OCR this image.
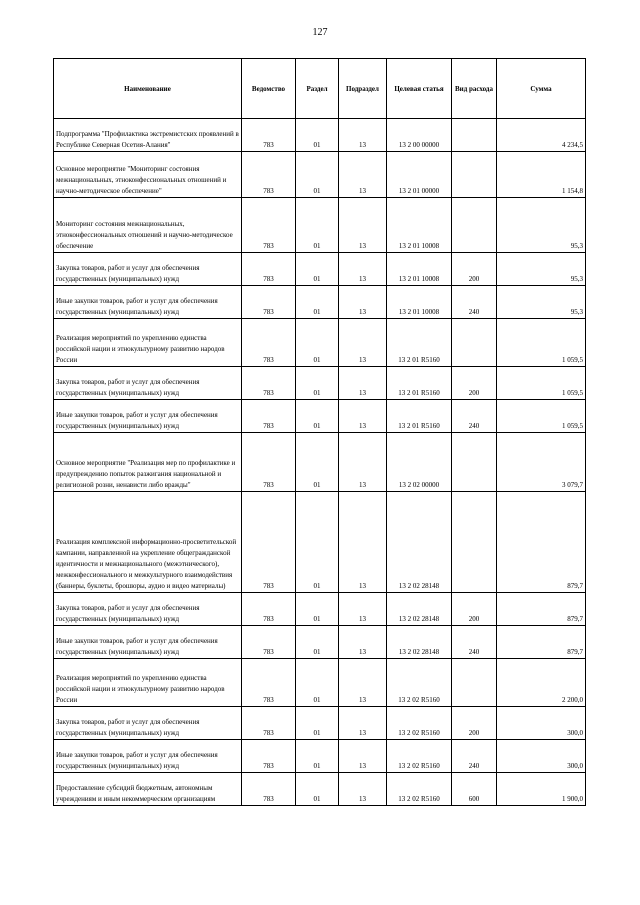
127
Наименование	Ведомство	Раздел	Подраздел	Целевая статья	Вид расхода	Сумма
Подпрограмма "Профилактика экстремистских проявлений в Республике Северная Осетия-Алания"	783	01	13	13 2 00 00000		4 234,5
Основное мероприятие "Мониторинг состояния межнациональных, этноконфессиональных отношений и научно-методическое обеспечение"	783	01	13	13 2 01 00000		1 154,8
Мониторинг состояния межнациональных, этноконфессиональных отношений и научно-методическое обеспечение	783	01	13	13 2 01 10008		95,3
Закупка товаров, работ и услуг для обеспечения государственных (муниципальных) нужд	783	01	13	13 2 01 10008	200	95,3
Иные закупки товаров, работ и услуг для обеспечения государственных (муниципальных) нужд	783	01	13	13 2 01 10008	240	95,3
Реализация мероприятий по укреплению единства российской нации и этнокультурному развитию народов России	783	01	13	13 2 01 R5160		1 059,5
Закупка товаров, работ и услуг для обеспечения государственных (муниципальных) нужд	783	01	13	13 2 01 R5160	200	1 059,5
Иные закупки товаров, работ и услуг для обеспечения государственных (муниципальных) нужд	783	01	13	13 2 01 R5160	240	1 059,5
Основное мероприятие "Реализация мер по профилактике и предупреждению попыток разжигания национальной и религиозной розни, ненависти либо вражды"	783	01	13	13 2 02 00000		3 079,7
Реализация комплексной информационно-просветительской кампании, направленной на укрепление общегражданской идентичности и межнационального (межэтнического), межконфессионального и межкультурного взаимодействия (баннеры, буклеты, брошюры, аудио и видео материалы)	783	01	13	13 2 02 28148		879,7
Закупка товаров, работ и услуг для обеспечения государственных (муниципальных) нужд	783	01	13	13 2 02 28148	200	879,7
Иные закупки товаров, работ и услуг для обеспечения государственных (муниципальных) нужд	783	01	13	13 2 02 28148	240	879,7
Реализация мероприятий по укреплению единства российской нации и этнокультурному развитию народов России	783	01	13	13 2 02 R5160		2 200,0
Закупка товаров, работ и услуг для обеспечения государственных (муниципальных) нужд	783	01	13	13 2 02 R5160	200	300,0
Иные закупки товаров, работ и услуг для обеспечения государственных (муниципальных) нужд	783	01	13	13 2 02 R5160	240	300,0
Предоставление субсидий бюджетным, автономным учреждениям и иным некоммерческим организациям	783	01	13	13 2 02 R5160	600	1 900,0
